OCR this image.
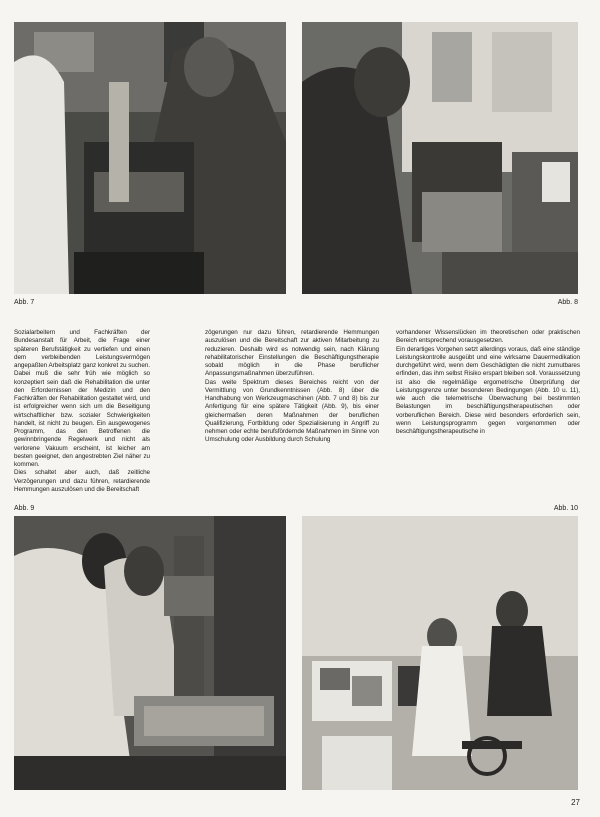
Abb. 7	Abb. 8

Sozialarbeitern und Fachkräften der Bundesanstalt für Arbeit, die Frage einer späteren Berufstätigkeit zu vertiefen und einen dem verbleibenden Leistungsvermögen angepaßten Arbeitsplatz ganz konkret zu suchen. Dabei muß die sehr früh wie möglich so konzeptiert sein daß die Rehabilitation die unter den Erfordernissen der Medizin und den Fachkräften der Rehabilitation gestaltet wird, und ist erfolgreicher wenn sich um die Beseitigung wirtschaftlicher bzw. sozialer Schwierigkeiten handelt, ist nicht zu beugen. Ein ausgewogenes Programm, das den Betroffenen die gewinnbringende Regelwerk und nicht als verlorene Vakuum erscheint, ist leicher am besten geeignet, den angestrebten Ziel näher zu kommen.

Dies schaltet aber auch, daß zeitliche Verzögerungen und dazu führen, retardierende Hemmungen auszulösen und die Bereitschaft

zögerungen nur dazu führen, retardierende Hemmungen auszulösen und die Bereitschaft zur aktiven Mitarbeitung zu reduzieren. Deshalb wird es notwendig sein, nach Klärung rehabilitatorischer Einstellungen die Beschäftigungstherapie sobald möglich in die Phase beruflicher Anpassungsmaßnahmen überzuführen.

Das weite Spektrum dieses Bereiches reicht von der Vermittlung von Grundkenntnissen (Abb. 8) über die Handhabung von Werkzeugmaschinen (Abb. 7 und 8) bis zur Anfertigung für eine spätere Tätigkeit (Abb. 9), bis einer gleichermaßen deren Maßnahmen der beruflichen Qualifizierung, Fortbildung oder Spezialisierung in Angriff zu nehmen oder echte berufsfördernde Maßnahmen im Sinne von Umschulung oder Ausbildung durch Schulung

vorhandener Wissenslücken im theoretischen oder praktischen Bereich entsprechend vorausgesetzen.

Ein derartiges Vorgehen setzt allerdings voraus, daß eine ständige Leistungskontrolle ausgeübt und eine wirksame Dauermedikation durchgeführt wird, wenn dem Geschädigten die nicht zumutbares erfinden, das ihm selbst Risiko erspart bleiben soll. Voraussetzung ist also die regelmäßige ergometrische Überprüfung der Leistungsgrenze unter besonderen Bedingungen (Abb. 10 u. 11), wie auch die telemetrische Überwachung bei bestimmten Belastungen im beschäftigungstherapeutischen oder vorberuflichen Bereich. Diese wird besonders erforderlich sein, wenn Leistungsprogramm gegen vorgenommen oder beschäftigungstherapeutische in

Abb. 9	Abb. 10
27
